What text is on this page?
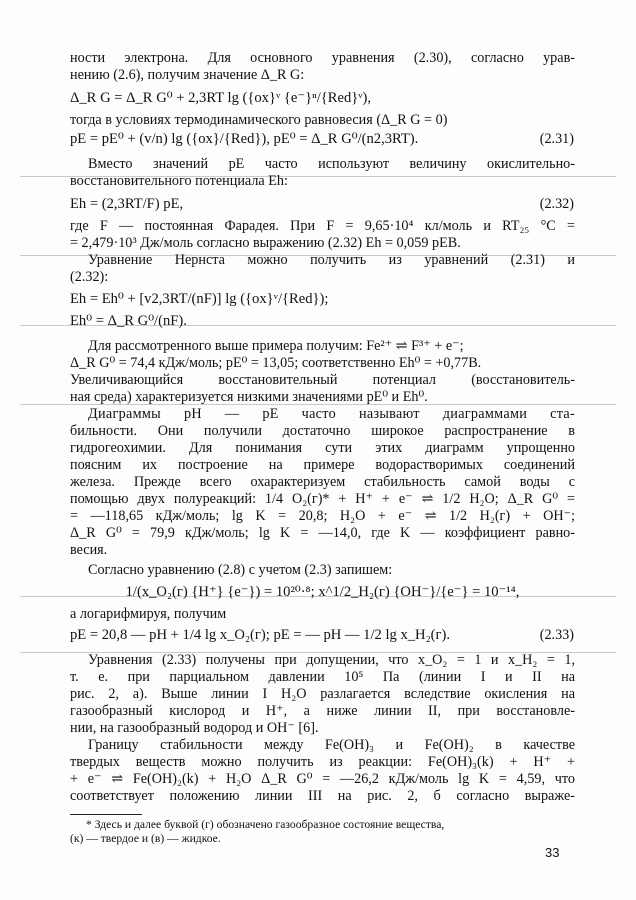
ности электрона. Для основного уравнения (2.30), согласно урав-
нению (2.6), получим значение Δ_R G:
Δ_R G = Δ_R G⁰ + 2,3RT lg ({ox}ᵛ {e⁻}ⁿ/{Red}ᵛ),
тогда в условиях термодинамического равновесия (Δ_R G = 0)
pE = pE⁰ + (v/n) lg ({ox}/{Red}), pE⁰ = Δ_R G⁰/(n2,3RT).	(2.31)
Вместо значений pE часто используют величину окислительно-
восстановительного потенциала Eh:
Eh = (2,3RT/F) pE,	(2.32)
где F — постоянная Фарадея. При F = 9,65·10⁴ кл/моль и RT₂₅ °C =
= 2,479·10³ Дж/моль согласно выражению (2.32) Eh = 0,059 pEB.
Уравнение Нернста можно получить из уравнений (2.31) и
(2.32):
Eh = Eh⁰ + [v2,3RT/(nF)] lg ({ox}ᵛ/{Red});
Eh⁰ = Δ_R G⁰/(nF).
Для рассмотренного выше примера получим: Fe²⁺ ⇌ F³⁺ + e⁻;
Δ_R G⁰ = 74,4 кДж/моль; pE⁰ = 13,05; соответственно Eh⁰ = +0,77B.
Увеличивающийся восстановительный потенциал (восстановитель-
ная среда) характеризуется низкими значениями pE⁰ и Eh⁰.
Диаграммы pH — pE часто называют диаграммами ста-
бильности. Они получили достаточно широкое распространение в
гидрогеохимии. Для понимания сути этих диаграмм упрощенно
поясним их построение на примере водорастворимых соединений
железа. Прежде всего охарактеризуем стабильность самой воды с
помощью двух полуреакций: 1/4 O₂(г)* + H⁺ + e⁻ ⇌ 1/2 H₂O; Δ_R G⁰ =
= —118,65 кДж/моль; lg K = 20,8; H₂O + e⁻ ⇌ 1/2 H₂(г) + OH⁻;
Δ_R G⁰ = 79,9 кДж/моль; lg K = —14,0, где K — коэффициент равно-
весия.
Согласно уравнению (2.8) с учетом (2.3) запишем:
1/(x_O₂(г) {H⁺} {e⁻}) = 10²⁰·⁸; x^1/2_H₂(г) {OH⁻}/{e⁻} = 10⁻¹⁴,
а логарифмируя, получим
pE = 20,8 — pH + 1/4 lg x_O₂(г); pE = — pH — 1/2 lg x_H₂(г).	(2.33)
Уравнения (2.33) получены при допущении, что x_O₂ = 1 и x_H₂ = 1,
т. е. при парциальном давлении 10⁵ Па (линии I и II на
рис. 2, a). Выше линии I H₂O разлагается вследствие окисления на
газообразный кислород и H⁺, а ниже линии II, при восстановле-
нии, на газообразный водород и OH⁻ [6].
Границу стабильности между Fe(OH)₃ и Fe(OH)₂ в качестве
твердых веществ можно получить из реакции: Fe(OH)₃(k) + H⁺ +
+ e⁻ ⇌ Fe(OH)₂(k) + H₂O Δ_R G⁰ = —26,2 кДж/моль lg K = 4,59, что
соответствует положению линии III на рис. 2, б согласно выраже-
* Здесь и далее буквой (г) обозначено газообразное состояние вещества,
(к) — твердое и (в) — жидкое.
33
